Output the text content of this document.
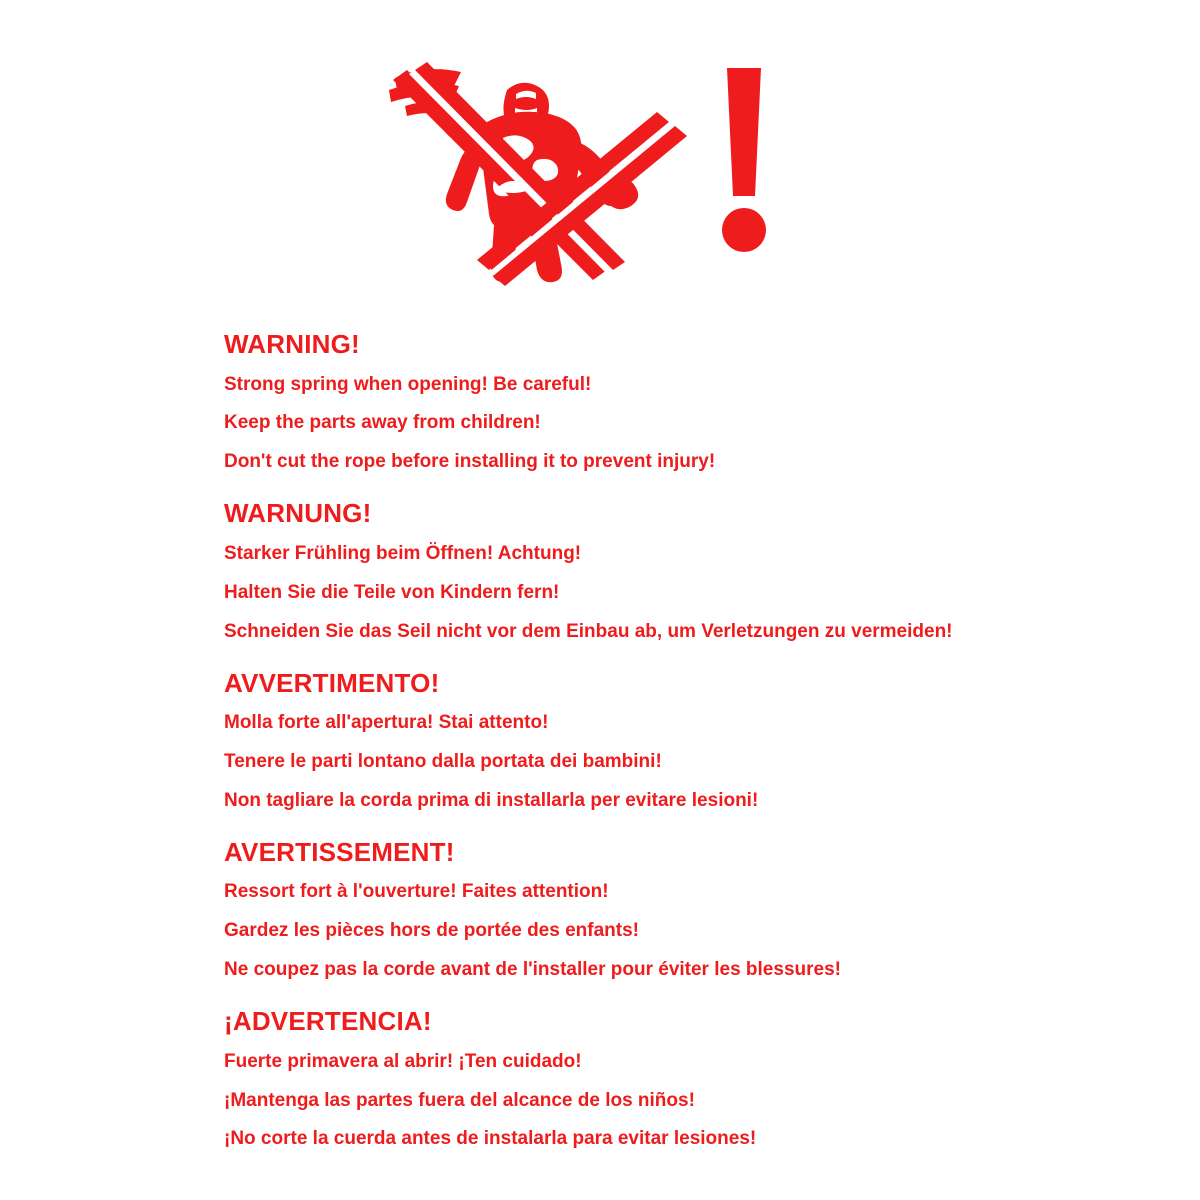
WARNING!
Strong spring when opening! Be careful!
Keep the parts away from children!
Don't cut the rope before installing it to prevent injury!
WARNUNG!
Starker Frühling beim Öffnen! Achtung!
Halten Sie die Teile von Kindern fern!
Schneiden Sie das Seil nicht vor dem Einbau ab, um Verletzungen zu vermeiden!
AVVERTIMENTO!
Molla forte all'apertura! Stai attento!
Tenere le parti lontano dalla portata dei bambini!
Non tagliare la corda prima di installarla per evitare lesioni!
AVERTISSEMENT!
Ressort fort à l'ouverture! Faites attention!
Gardez les pièces hors de portée des enfants!
Ne coupez pas la corde avant de l'installer pour éviter les blessures!
¡ADVERTENCIA!
Fuerte primavera al abrir! ¡Ten cuidado!
¡Mantenga las partes fuera del alcance de los niños!
¡No corte la cuerda antes de instalarla para evitar lesiones!
